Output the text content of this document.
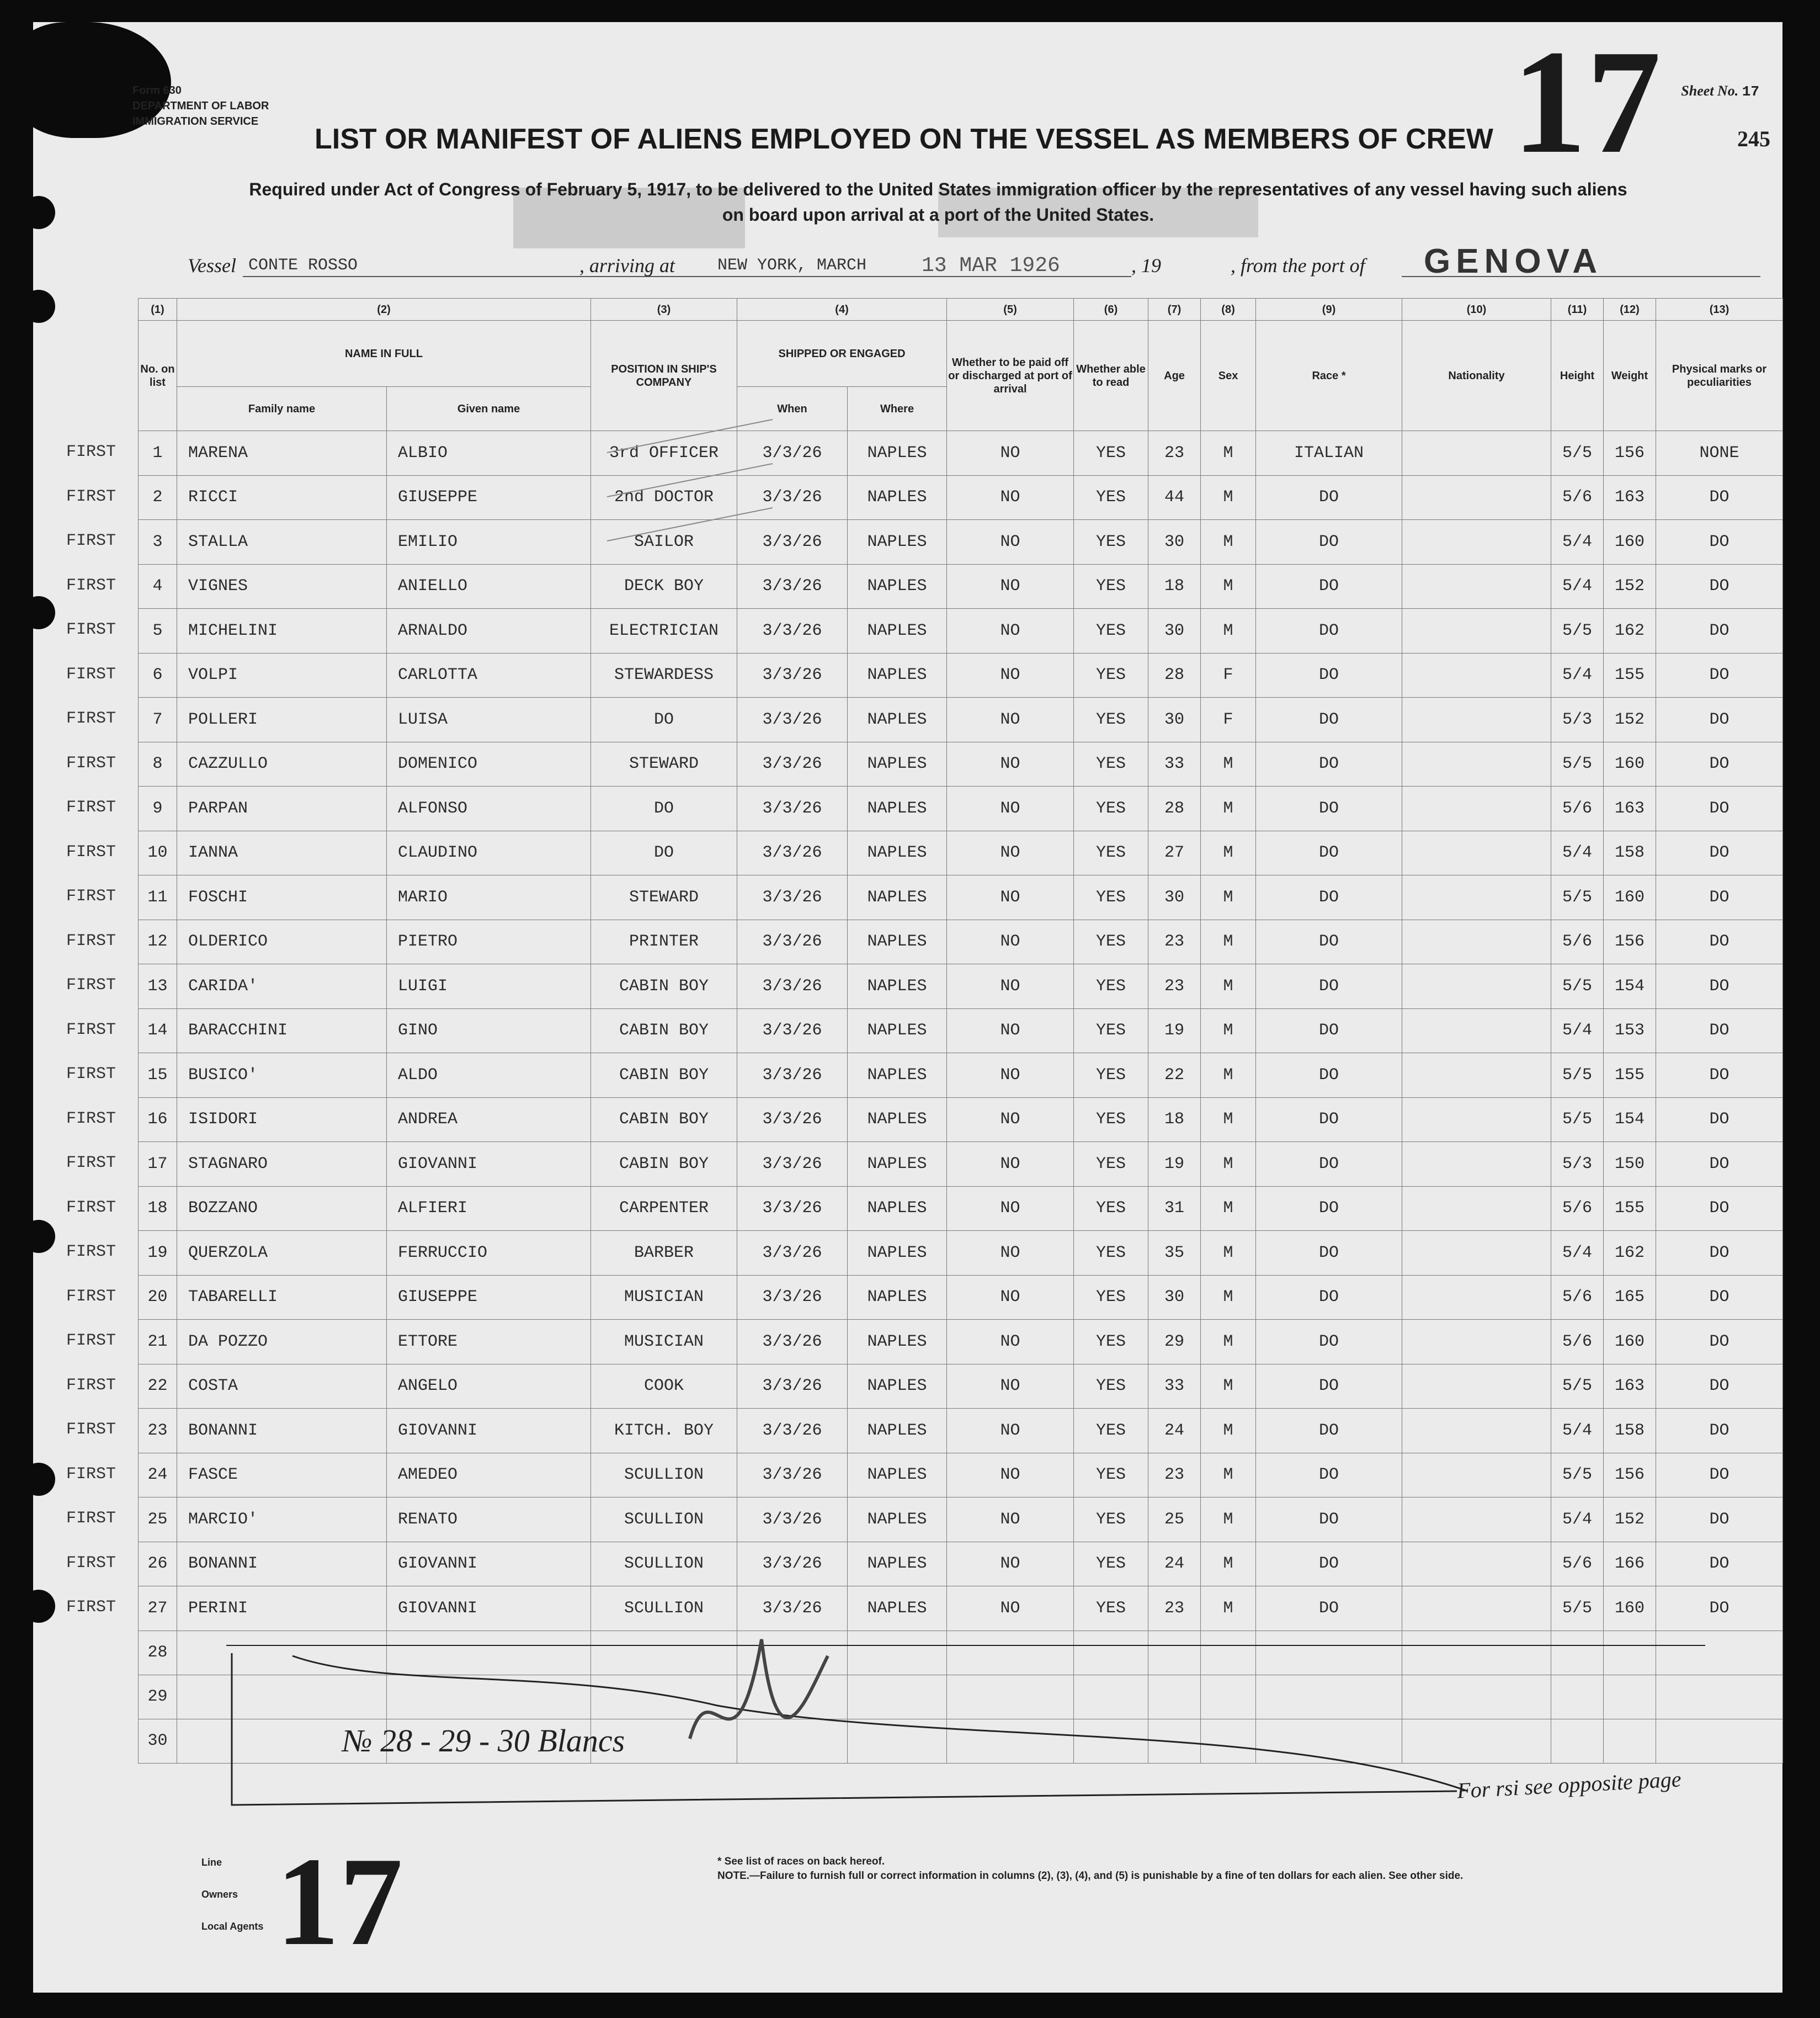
Form 630
DEPARTMENT OF LABOR
IMMIGRATION SERVICE	17 Sheet No. 17
245
LIST OR MANIFEST OF ALIENS EMPLOYED ON THE VESSEL AS MEMBERS OF CREW
Required under Act of Congress of February 5, 1917, to be delivered to the United States immigration officer by the representatives of any vessel having such aliens
on board upon arrival at a port of the United States.
Vessel CONTE ROSSO	, arriving at	NEW YORK, MARCH	13 MAR 1926	, 19	, from the port of GENOVA
(1)	(2)		(3)	(4)		(5)	(6)	(7)	(8)	(9)	(10)	(11)	(12)	(13)
No. on list	NAME IN FULL		POSITION IN SHIP'S COMPANY	SHIPPED OR ENGAGED		Whether to be paid off or discharged at port of arrival	Whether able to read	Age	Sex	Race *	Nationality	Height	Weight	Physical marks or peculiarities
	Family name	Given name		When	Where									
1	MARENA	ALBIO	3rd OFFICER	3/3/26	NAPLES	NO	YES	23	M	ITALIAN		5/5	156	NONE
2	RICCI	GIUSEPPE	2nd DOCTOR	3/3/26	NAPLES	NO	YES	44	M	DO		5/6	163	DO
3	STALLA	EMILIO	SAILOR	3/3/26	NAPLES	NO	YES	30	M	DO		5/4	160	DO
4	VIGNES	ANIELLO	DECK BOY	3/3/26	NAPLES	NO	YES	18	M	DO		5/4	152	DO
5	MICHELINI	ARNALDO	ELECTRICIAN	3/3/26	NAPLES	NO	YES	30	M	DO		5/5	162	DO
6	VOLPI	CARLOTTA	STEWARDESS	3/3/26	NAPLES	NO	YES	28	F	DO		5/4	155	DO
7	POLLERI	LUISA	DO	3/3/26	NAPLES	NO	YES	30	F	DO		5/3	152	DO
8	CAZZULLO	DOMENICO	STEWARD	3/3/26	NAPLES	NO	YES	33	M	DO		5/5	160	DO
9	PARPAN	ALFONSO	DO	3/3/26	NAPLES	NO	YES	28	M	DO		5/6	163	DO
10	IANNA	CLAUDINO	DO	3/3/26	NAPLES	NO	YES	27	M	DO		5/4	158	DO
11	FOSCHI	MARIO	STEWARD	3/3/26	NAPLES	NO	YES	30	M	DO		5/5	160	DO
12	OLDERICO	PIETRO	PRINTER	3/3/26	NAPLES	NO	YES	23	M	DO		5/6	156	DO
13	CARIDA'	LUIGI	CABIN BOY	3/3/26	NAPLES	NO	YES	23	M	DO		5/5	154	DO
14	BARACCHINI	GINO	CABIN BOY	3/3/26	NAPLES	NO	YES	19	M	DO		5/4	153	DO
15	BUSICO'	ALDO	CABIN BOY	3/3/26	NAPLES	NO	YES	22	M	DO		5/5	155	DO
16	ISIDORI	ANDREA	CABIN BOY	3/3/26	NAPLES	NO	YES	18	M	DO		5/5	154	DO
17	STAGNARO	GIOVANNI	CABIN BOY	3/3/26	NAPLES	NO	YES	19	M	DO		5/3	150	DO
18	BOZZANO	ALFIERI	CARPENTER	3/3/26	NAPLES	NO	YES	31	M	DO		5/6	155	DO
19	QUERZOLA	FERRUCCIO	BARBER	3/3/26	NAPLES	NO	YES	35	M	DO		5/4	162	DO
20	TABARELLI	GIUSEPPE	MUSICIAN	3/3/26	NAPLES	NO	YES	30	M	DO		5/6	165	DO
21	DA POZZO	ETTORE	MUSICIAN	3/3/26	NAPLES	NO	YES	29	M	DO		5/6	160	DO
22	COSTA	ANGELO	COOK	3/3/26	NAPLES	NO	YES	33	M	DO		5/5	163	DO
23	BONANNI	GIOVANNI	KITCH. BOY	3/3/26	NAPLES	NO	YES	24	M	DO		5/4	158	DO
24	FASCE	AMEDEO	SCULLION	3/3/26	NAPLES	NO	YES	23	M	DO		5/5	156	DO
25	MARCIO'	RENATO	SCULLION	3/3/26	NAPLES	NO	YES	25	M	DO		5/4	152	DO
26	BONANNI	GIOVANNI	SCULLION	3/3/26	NAPLES	NO	YES	24	M	DO		5/6	166	DO
27	PERINI	GIOVANNI	SCULLION	3/3/26	NAPLES	NO	YES	23	M	DO		5/5	160	DO
28														
29														
30														
FIRST
FIRST
FIRST
FIRST
FIRST
FIRST
FIRST
FIRST
FIRST
FIRST
FIRST
FIRST
FIRST
FIRST
FIRST
FIRST
FIRST
FIRST
FIRST
FIRST
FIRST
FIRST
FIRST
FIRST
FIRST
FIRST
FIRST
№ 28 - 29 - 30 Blancs
For rsi see opposite page
Line
Owners
Local Agents 17	* See list of races on back hereof.
NOTE.—Failure to furnish full or correct information in columns (2), (3), (4), and (5) is punishable by a fine of ten dollars for each alien. See other side.
